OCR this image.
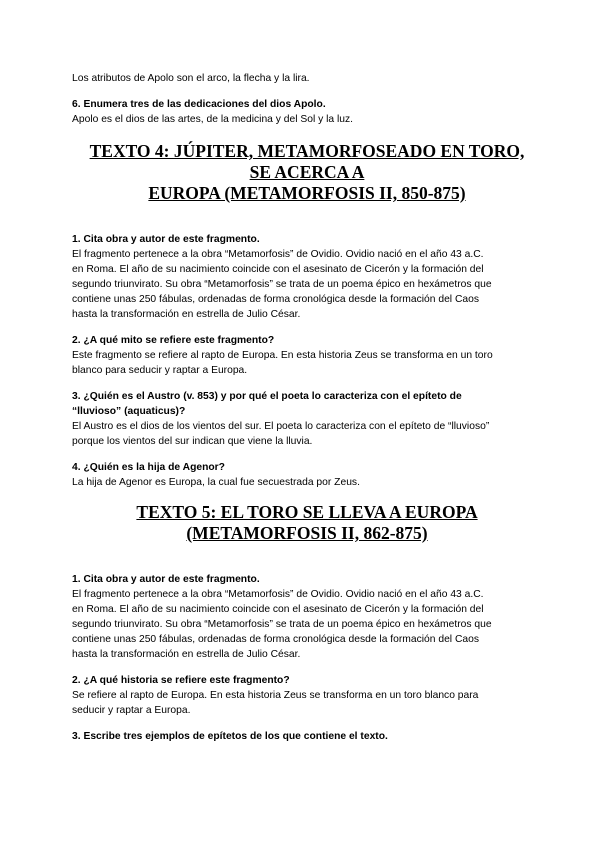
Los atributos de Apolo son el arco, la flecha y la lira.

6. Enumera tres de las dedicaciones del dios Apolo.

Apolo es el dios de las artes, de la medicina y del Sol y la luz.

TEXTO 4: JÚPITER, METAMORFOSEADO EN TORO,
SE ACERCA A
EUROPA (METAMORFOSIS II, 850-875)

1. Cita obra y autor de este fragmento.

El fragmento pertenece a la obra “Metamorfosis” de Ovidio. Ovidio nació en el año 43 a.C.

en Roma. El año de su nacimiento coincide con el asesinato de Cicerón y la formación del

segundo triunvirato. Su obra “Metamorfosis” se trata de un poema épico en hexámetros que

contiene unas 250 fábulas, ordenadas de forma cronológica desde la formación del Caos

hasta la transformación en estrella de Julio César.

2. ¿A qué mito se refiere este fragmento?

Este fragmento se refiere al rapto de Europa. En esta historia Zeus se transforma en un toro

blanco para seducir y raptar a Europa.

3. ¿Quién es el Austro (v. 853) y por qué el poeta lo caracteriza con el epíteto de

“lluvioso” (aquaticus)?

El Austro es el dios de los vientos del sur. El poeta lo caracteriza con el epíteto de “lluvioso”

porque los vientos del sur indican que viene la lluvia.

4. ¿Quién es la hija de Agenor?

La hija de Agenor es Europa, la cual fue secuestrada por Zeus.

TEXTO 5: EL TORO SE LLEVA A EUROPA
(METAMORFOSIS II, 862-875)

1. Cita obra y autor de este fragmento.

El fragmento pertenece a la obra “Metamorfosis” de Ovidio. Ovidio nació en el año 43 a.C.

en Roma. El año de su nacimiento coincide con el asesinato de Cicerón y la formación del

segundo triunvirato. Su obra “Metamorfosis” se trata de un poema épico en hexámetros que

contiene unas 250 fábulas, ordenadas de forma cronológica desde la formación del Caos

hasta la transformación en estrella de Julio César.

2. ¿A qué historia se refiere este fragmento?

Se refiere al rapto de Europa. En esta historia Zeus se transforma en un toro blanco para

seducir y raptar a Europa.

3. Escribe tres ejemplos de epítetos de los que contiene el texto.
